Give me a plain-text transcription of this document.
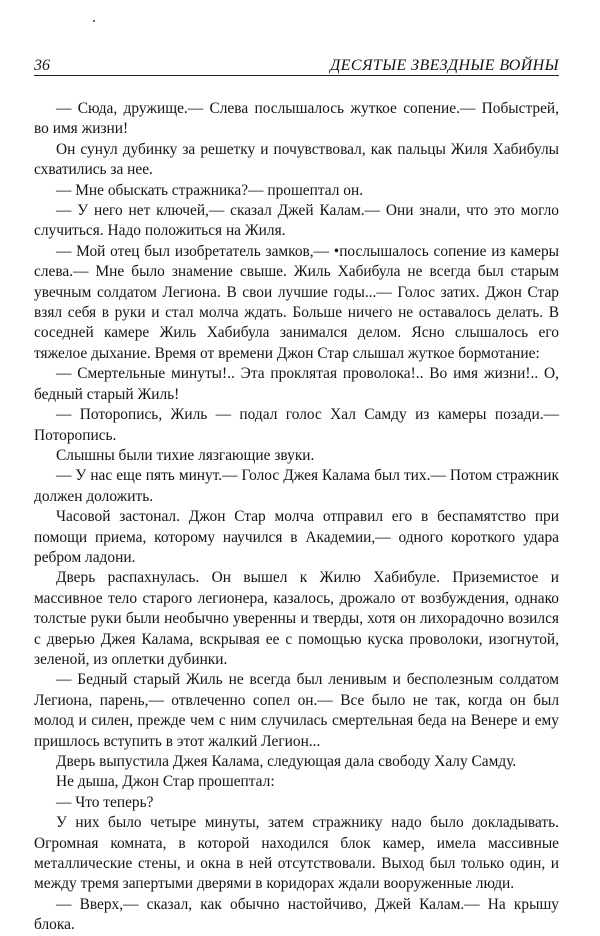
36	ДЕСЯТЫЕ ЗВЕЗДНЫЕ ВОЙНЫ

— Сюда, дружище.— Слева послышалось жуткое сопение.— Побыстрей, во имя жизни!

Он сунул дубинку за решетку и почувствовал, как пальцы Жиля Хабибулы схватились за нее.

— Мне обыскать стражника?— прошептал он.

— У него нет ключей,— сказал Джей Калам.— Они знали, что это могло случиться. Надо положиться на Жиля.

— Мой отец был изобретатель замков,— •послышалось сопение из камеры слева.— Мне было знамение свыше. Жиль Хабибула не всегда был старым увечным солдатом Легиона. В свои лучшие годы...— Голос затих. Джон Стар взял себя в руки и стал молча ждать. Больше ничего не оставалось делать. В соседней камере Жиль Хабибула занимался делом. Ясно слышалось его тяжелое дыхание. Время от времени Джон Стар слышал жуткое бормотание:

— Смертельные минуты!.. Эта проклятая проволока!.. Во имя жизни!.. О, бедный старый Жиль!

— Поторопись, Жиль — подал голос Хал Самду из камеры позади.— Поторопись.

Слышны были тихие лязгающие звуки.

— У нас еще пять минут.— Голос Джея Калама был тих.— Потом стражник должен доложить.

Часовой застонал. Джон Стар молча отправил его в беспамятство при помощи приема, которому научился в Академии,— одного короткого удара ребром ладони.

Дверь распахнулась. Он вышел к Жилю Хабибуле. Приземистое и массивное тело старого легионера, казалось, дрожало от возбуждения, однако толстые руки были необычно уверенны и тверды, хотя он лихорадочно возился с дверью Джея Калама, вскрывая ее с помощью куска проволоки, изогнутой, зеленой, из оплетки дубинки.

— Бедный старый Жиль не всегда был ленивым и бесполезным солдатом Легиона, парень,— отвлеченно сопел он.— Все было не так, когда он был молод и силен, прежде чем с ним случилась смертельная беда на Венере и ему пришлось вступить в этот жалкий Легион...

Дверь выпустила Джея Калама, следующая дала свободу Халу Самду.

Не дыша, Джон Стар прошептал:

— Что теперь?

У них было четыре минуты, затем стражнику надо было докладывать. Огромная комната, в которой находился блок камер, имела массивные металлические стены, и окна в ней отсутствовали. Выход был только один, и между тремя запертыми дверями в коридорах ждали вооруженные люди.

— Вверх,— сказал, как обычно настойчиво, Джей Калам.— На крышу блока.
